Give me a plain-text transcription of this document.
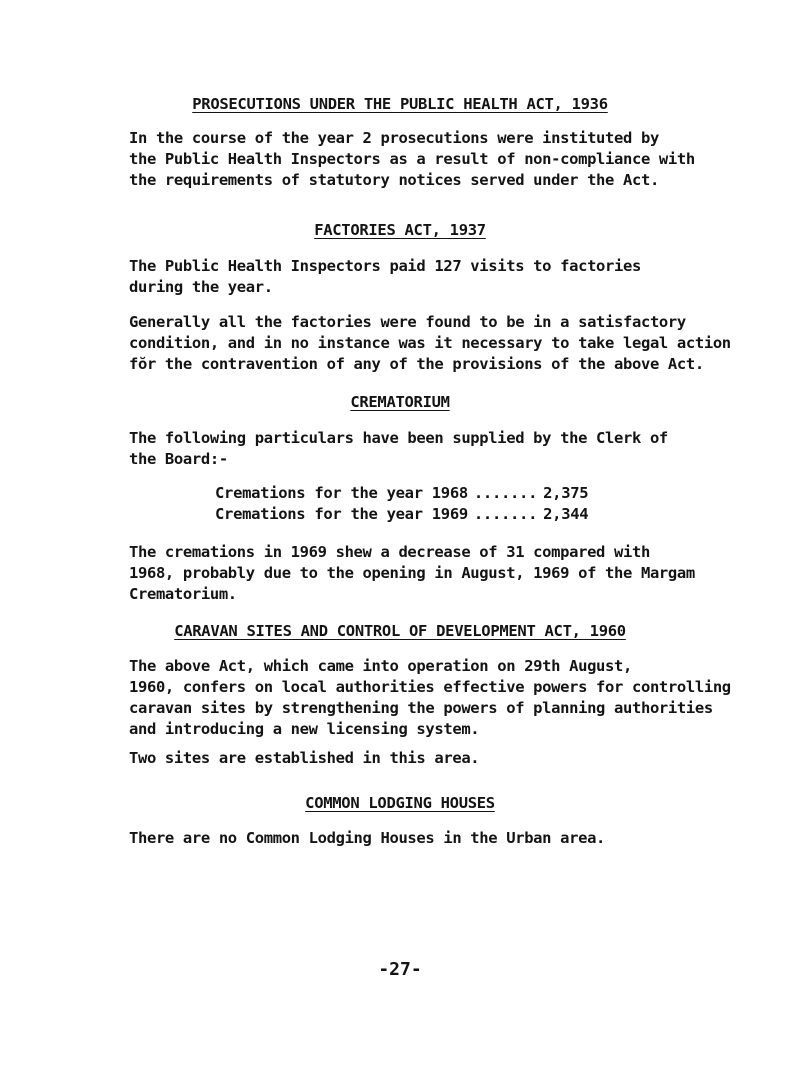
PROSECUTIONS UNDER THE PUBLIC HEALTH ACT, 1936
In the course of the year 2 prosecutions were instituted by
the Public Health Inspectors as a result of non-compliance with
the requirements of statutory notices served under the Act.
FACTORIES ACT, 1937
The Public Health Inspectors paid 127 visits to factories
during the year.
Generally all the factories were found to be in a satisfactory
condition, and in no instance was it necessary to take legal action
fŏr the contravention of any of the provisions of the above Act.
CREMATORIUM
The following particulars have been supplied by the Clerk of
the Board:-
Cremations for the year 1968 ....... 2,375
Cremations for the year 1969 ....... 2,344
The cremations in 1969 shew a decrease of 31 compared with
1968, probably due to the opening in August, 1969 of the Margam
Crematorium.
CARAVAN SITES AND CONTROL OF DEVELOPMENT ACT, 1960
The above Act, which came into operation on 29th August,
1960, confers on local authorities effective powers for controlling
caravan sites by strengthening the powers of planning authorities
and introducing a new licensing system.
Two sites are established in this area.
COMMON LODGING HOUSES
There are no Common Lodging Houses in the Urban area.
-27-
